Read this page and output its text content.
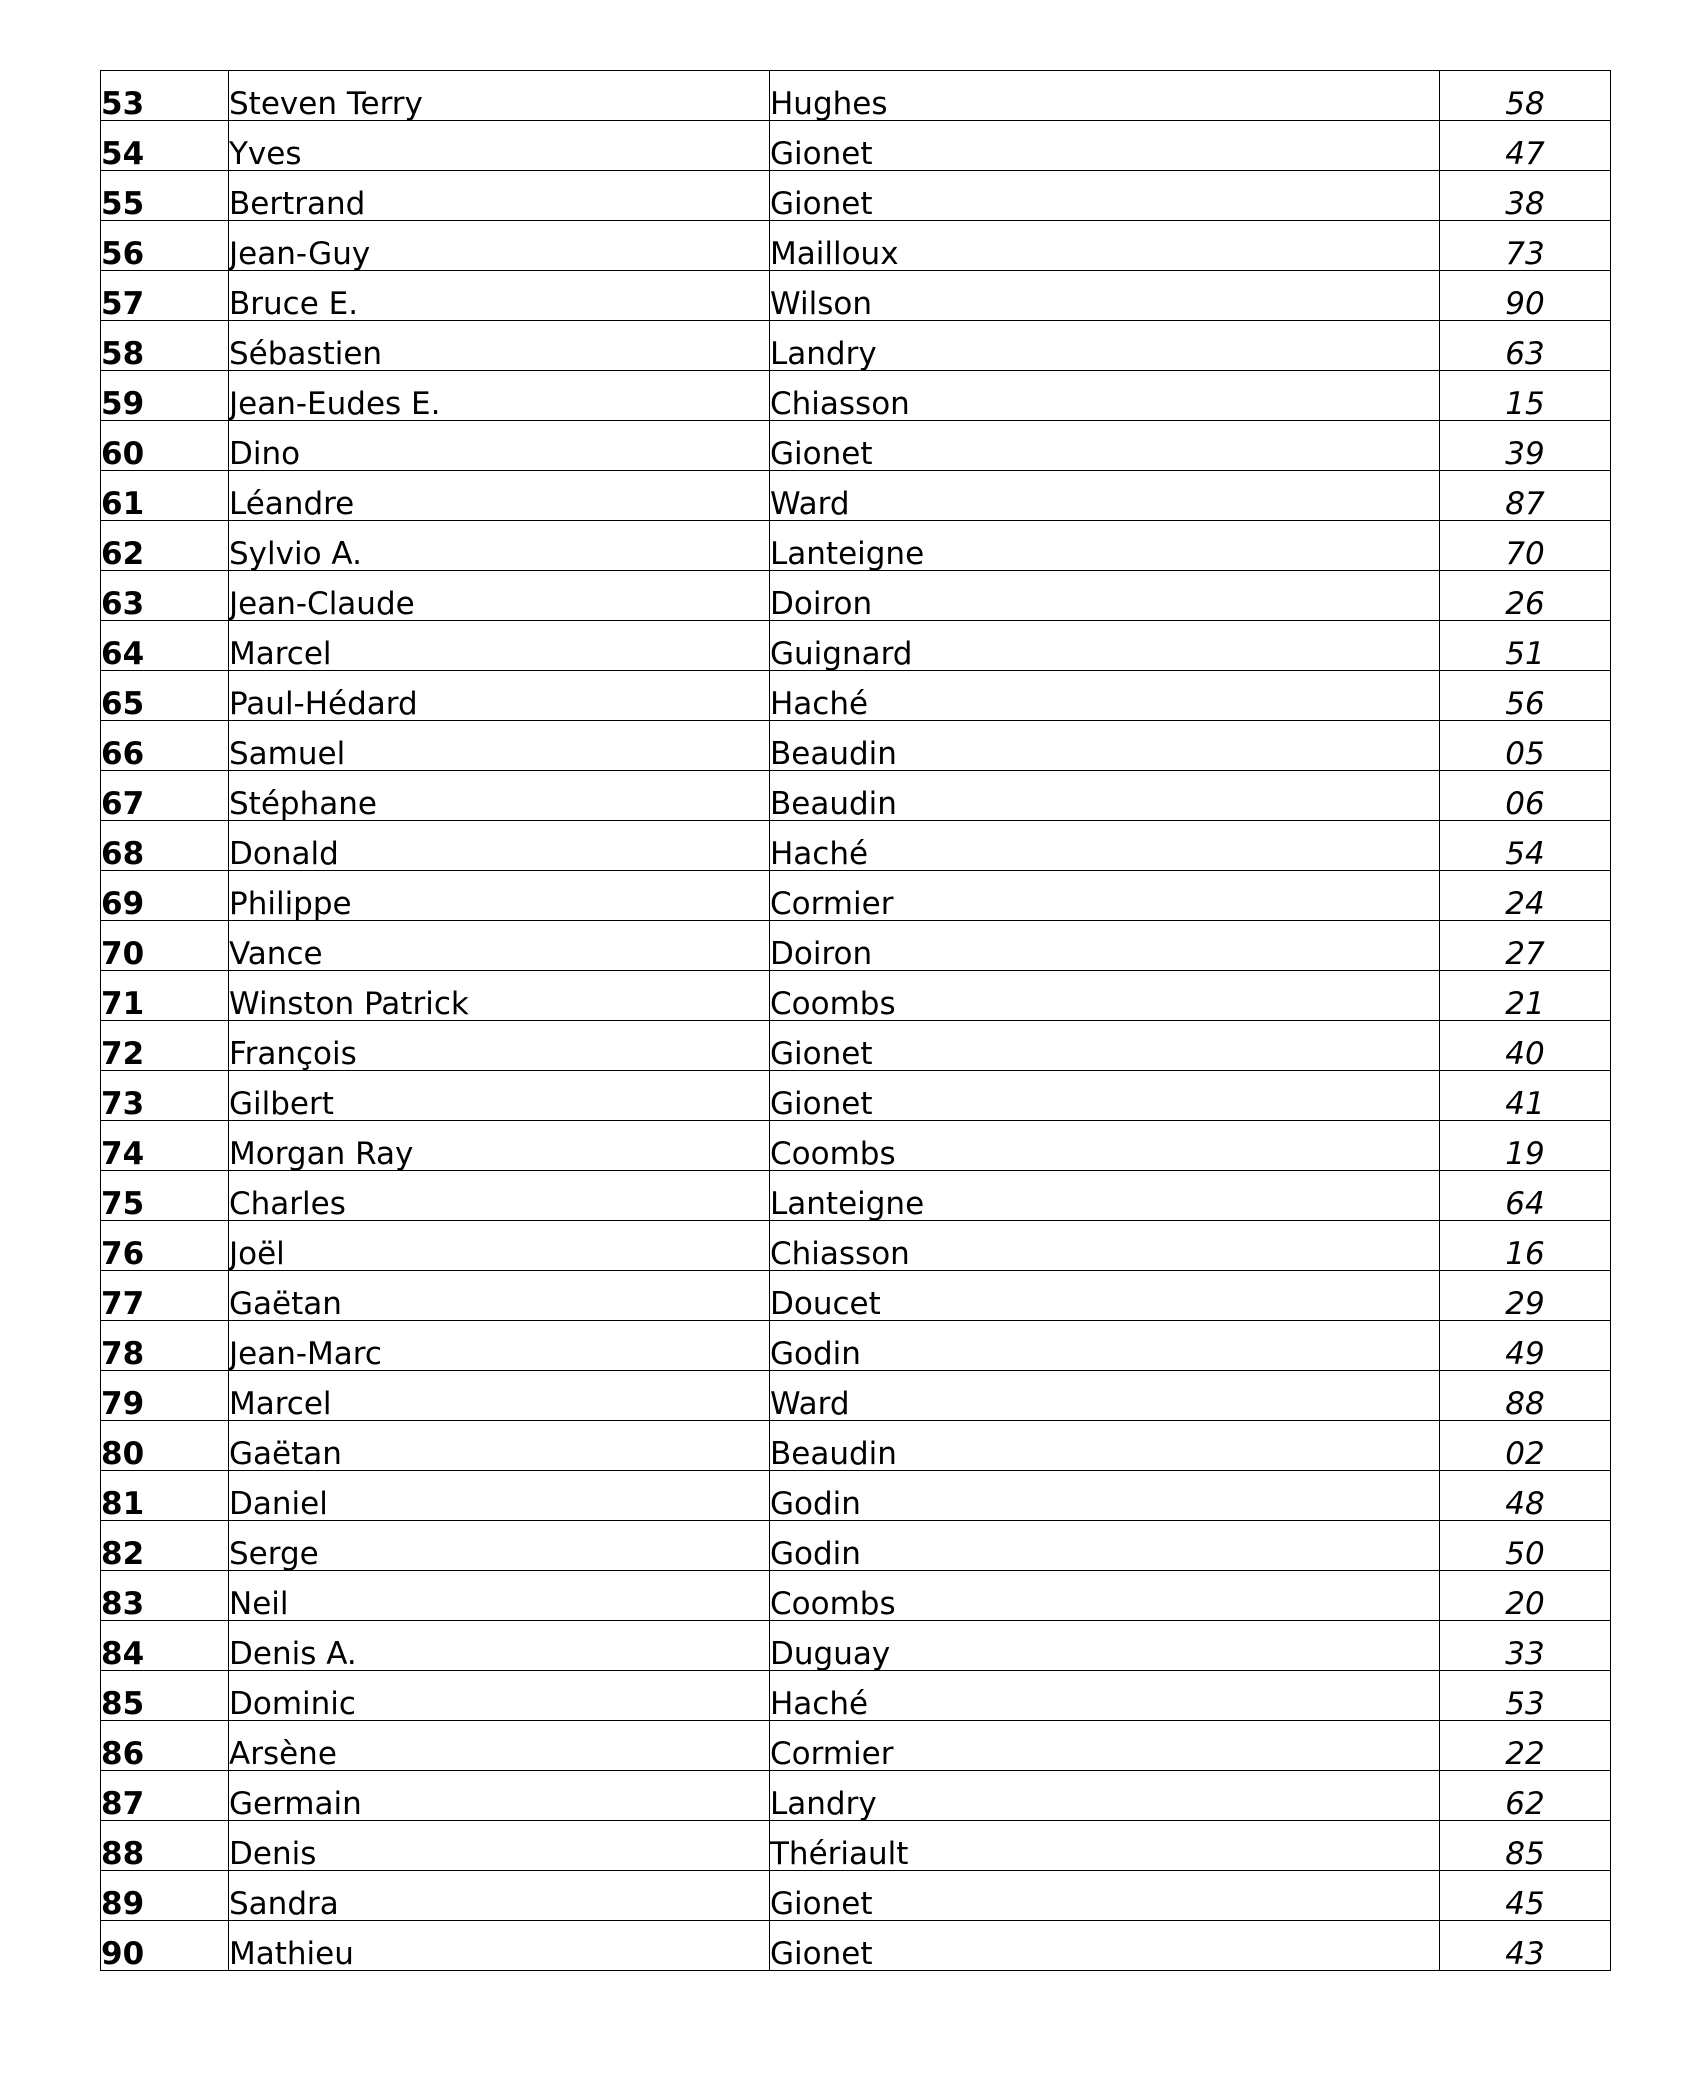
53	Steven Terry	Hughes	58
54	Yves	Gionet	47
55	Bertrand	Gionet	38
56	Jean-Guy	Mailloux	73
57	Bruce E.	Wilson	90
58	Sébastien	Landry	63
59	Jean-Eudes E.	Chiasson	15
60	Dino	Gionet	39
61	Léandre	Ward	87
62	Sylvio A.	Lanteigne	70
63	Jean-Claude	Doiron	26
64	Marcel	Guignard	51
65	Paul-Hédard	Haché	56
66	Samuel	Beaudin	05
67	Stéphane	Beaudin	06
68	Donald	Haché	54
69	Philippe	Cormier	24
70	Vance	Doiron	27
71	Winston Patrick	Coombs	21
72	François	Gionet	40
73	Gilbert	Gionet	41
74	Morgan Ray	Coombs	19
75	Charles	Lanteigne	64
76	Joël	Chiasson	16
77	Gaëtan	Doucet	29
78	Jean-Marc	Godin	49
79	Marcel	Ward	88
80	Gaëtan	Beaudin	02
81	Daniel	Godin	48
82	Serge	Godin	50
83	Neil	Coombs	20
84	Denis A.	Duguay	33
85	Dominic	Haché	53
86	Arsène	Cormier	22
87	Germain	Landry	62
88	Denis	Thériault	85
89	Sandra	Gionet	45
90	Mathieu	Gionet	43
